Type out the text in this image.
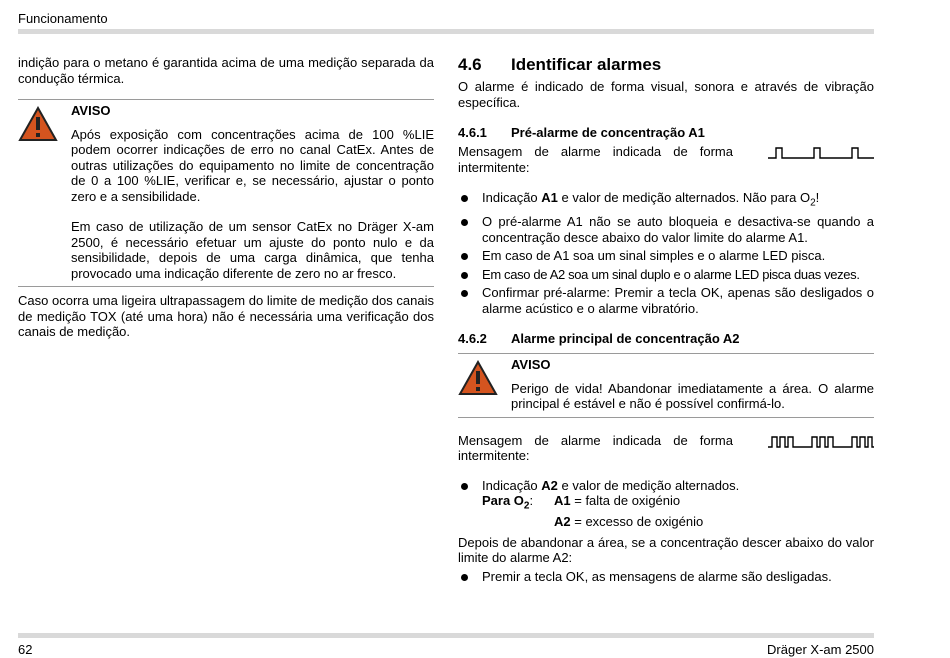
Funcionamento

indição para o metano é garantida acima de uma medição separada da condução térmica.

AVISO

Após exposição com concentrações acima de 100 %LIE podem ocorrer indicações de erro no canal CatEx. Antes de outras utilizações do equipamento no limite de concentração de 0 a 100 %LIE, verificar e, se necessário, ajustar o ponto zero e a sensibilidade.

Em caso de utilização de um sensor CatEx no Dräger X-am 2500, é necessário efetuar um ajuste do ponto nulo e da sensibilidade, depois de uma carga dinâmica, que tenha provocado uma indicação diferente de zero no ar fresco.

Caso ocorra uma ligeira ultrapassagem do limite de medição dos canais de medição TOX (até uma hora) não é necessária uma verificação dos canais de medição.

4.6	Identificar alarmes

O alarme é indicado de forma visual, sonora e através de vibração específica.

4.6.1	Pré-alarme de concentração A1

Mensagem de alarme indicada de forma intermitente:

Indicação A1 e valor de medição alternados. Não para $O_2$!
O pré-alarme A1 não se auto bloqueia e desactiva-se quando a concentração desce abaixo do valor limite do alarme A1.
Em caso de A1 soa um sinal simples e o alarme LED pisca.
Em caso de A2 soa um sinal duplo e o alarme LED pisca duas vezes.
Confirmar pré-alarme: Premir a tecla OK, apenas são desligados o alarme acústico e o alarme vibratório.
4.6.2	Alarme principal de concentração A2
AVISO

Perigo de vida! Abandonar imediatamente a área. O alarme principal é estável e não é possível confirmá-lo.

Mensagem de alarme indicada de forma intermitente:

Indicação A2 e valor de medição alternados.
Para $O_2$:	A1 = falta de oxigénio
A2 = excesso de oxigénio

Depois de abandonar a área, se a concentração descer abaixo do valor limite do alarme A2:

Premir a tecla OK, as mensagens de alarme são desligadas.
62	Dräger X-am 2500
